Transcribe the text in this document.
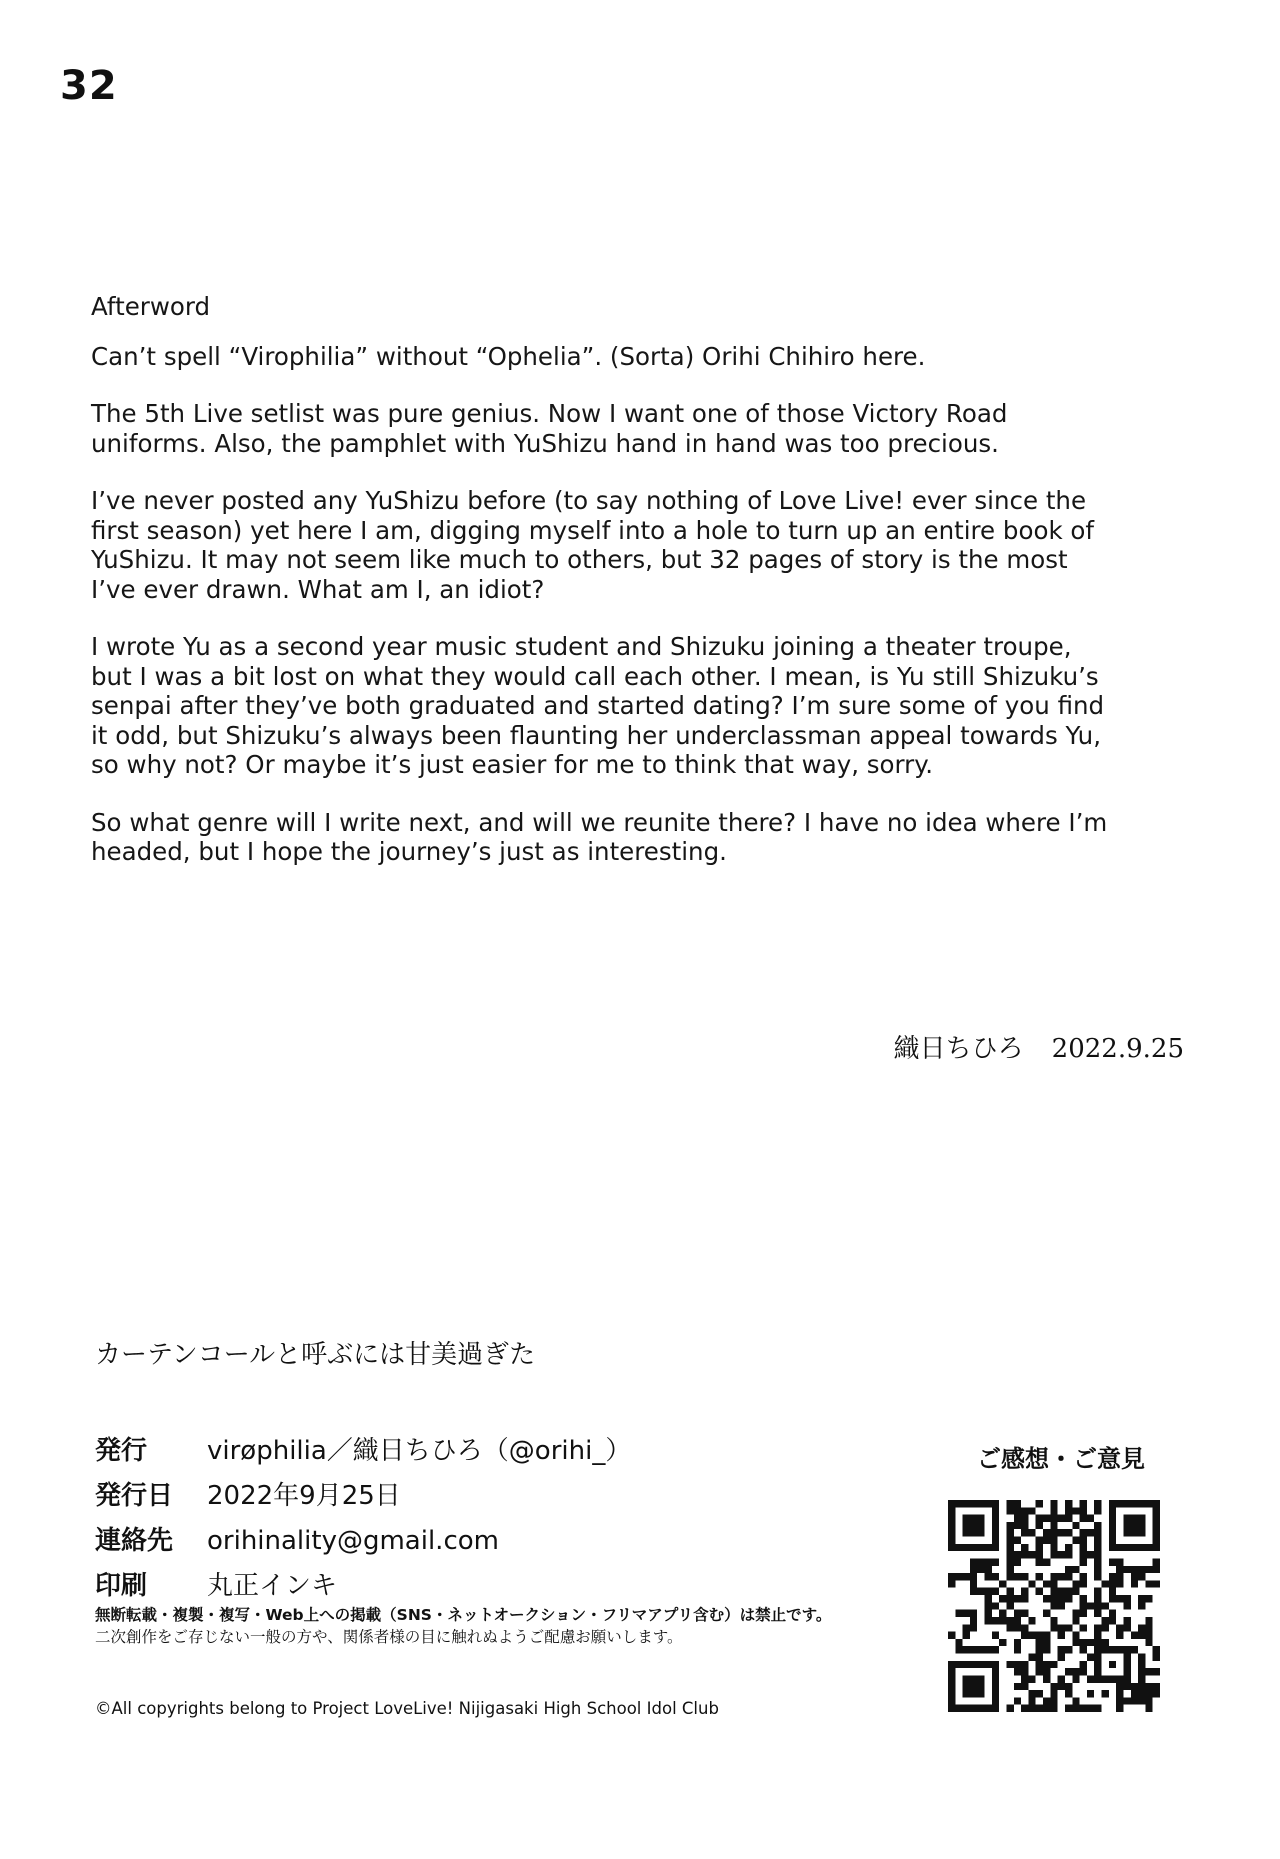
32
Afterword

Can’t spell “Virophilia” without “Ophelia”. (Sorta) Orihi Chihiro here.

The 5th Live setlist was pure genius. Now I want one of those Victory Road
uniforms. Also, the pamphlet with YuShizu hand in hand was too precious.

I’ve never posted any YuShizu before (to say nothing of Love Live! ever since the
first season) yet here I am, digging myself into a hole to turn up an entire book of
YuShizu. It may not seem like much to others, but 32 pages of story is the most
I’ve ever drawn. What am I, an idiot?

I wrote Yu as a second year music student and Shizuku joining a theater troupe,
but I was a bit lost on what they would call each other. I mean, is Yu still Shizuku’s
senpai after they’ve both graduated and started dating? I’m sure some of you find
it odd, but Shizuku’s always been flaunting her underclassman appeal towards Yu,
so why not? Or maybe it’s just easier for me to think that way, sorry.

So what genre will I write next, and will we reunite there? I have no idea where I’m
headed, but I hope the journey’s just as interesting.

織日ちひろ 2022.9.25
カーテンコールと呼ぶには甘美過ぎた
発行	virøphilia／織日ちひろ（@orihi_）
発行日	2022年9月25日
連絡先	orihinality@gmail.com
印刷	丸正インキ
無断転載・複製・複写・Web上への掲載（SNS・ネットオークション・フリマアプリ含む）は禁止です。
二次創作をご存じない一般の方や、関係者様の目に触れぬようご配慮お願いします。
©All copyrights belong to Project LoveLive! Nijigasaki High School Idol Club
ご感想・ご意見
